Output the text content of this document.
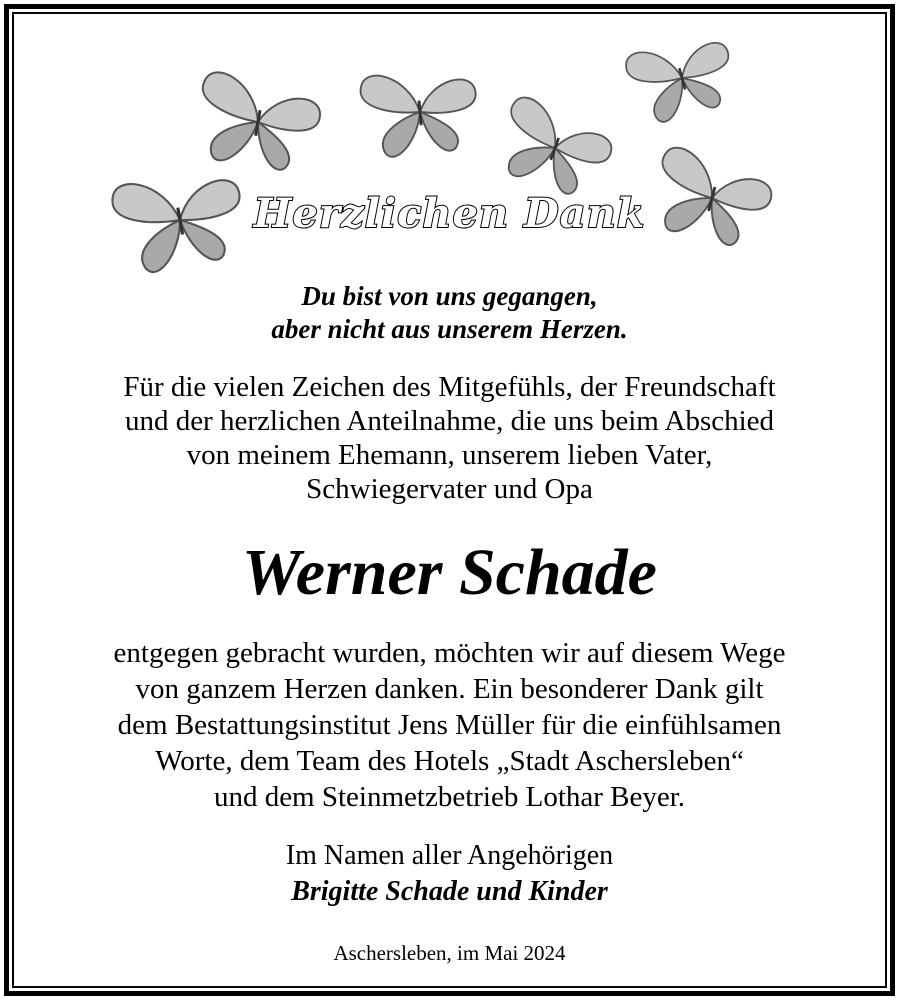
Herzlichen Dank
Du bist von uns gegangen,
aber nicht aus unserem Herzen.
Für die vielen Zeichen des Mitgefühls, der Freundschaft
und der herzlichen Anteilnahme, die uns beim Abschied
von meinem Ehemann, unserem lieben Vater,
Schwiegervater und Opa
Werner Schade
entgegen gebracht wurden, möchten wir auf diesem Wege
von ganzem Herzen danken. Ein besonderer Dank gilt
dem Bestattungsinstitut Jens Müller für die einfühlsamen
Worte, dem Team des Hotels „Stadt Aschersleben“
und dem Steinmetzbetrieb Lothar Beyer.
Im Namen aller Angehörigen
Brigitte Schade und Kinder
Aschersleben, im Mai 2024
